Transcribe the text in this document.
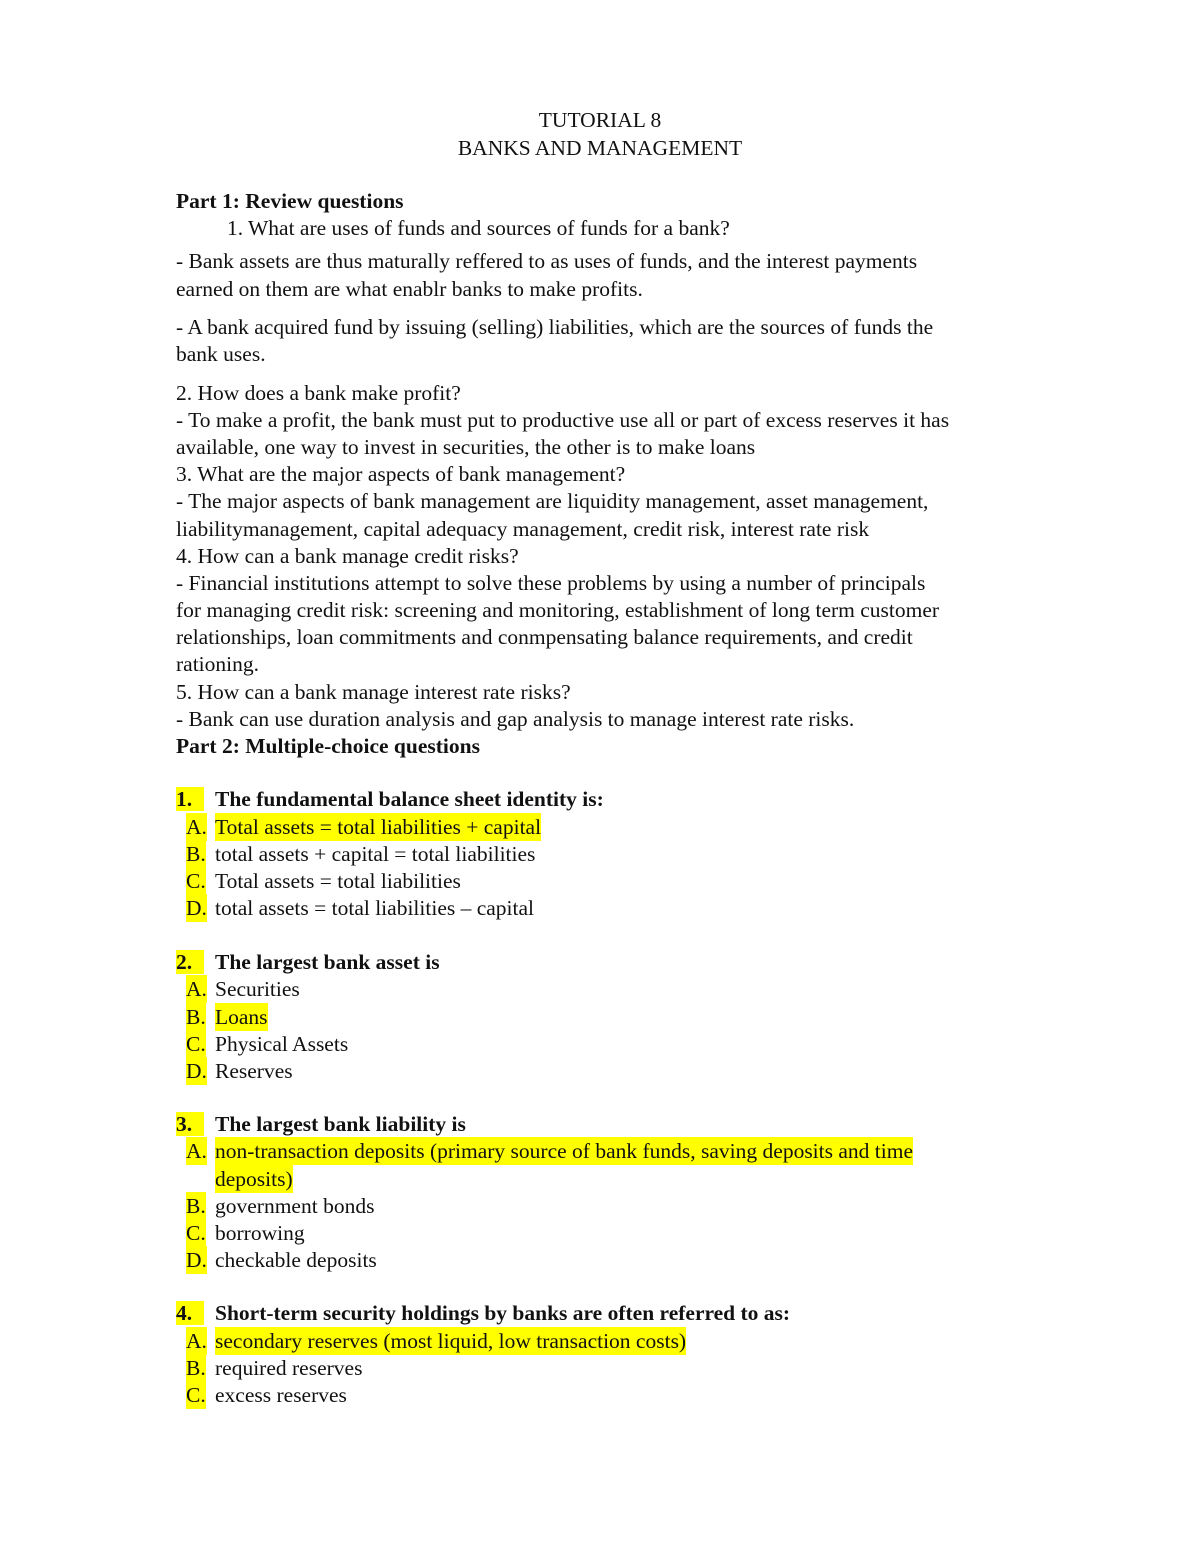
TUTORIAL 8
BANKS AND MANAGEMENT
Part 1: Review questions
1. What are uses of funds and sources of funds for a bank?
- Bank assets are thus maturally reffered to as uses of funds, and the interest payments
earned on them are what enablr banks to make profits.
- A bank acquired fund by issuing (selling) liabilities, which are the sources of funds the
bank uses.
2. How does a bank make profit?
- To make a profit, the bank must put to productive use all or part of excess reserves it has
available, one way to invest in securities, the other is to make loans
3. What are the major aspects of bank management?
- The major aspects of bank management are liquidity management, asset management,
liabilitymanagement, capital adequacy management, credit risk, interest rate risk
4. How can a bank manage credit risks?
- Financial institutions attempt to solve these problems by using a number of principals
for managing credit risk: screening and monitoring, establishment of long term customer
relationships, loan commitments and conmpensating balance requirements, and credit
rationing.
5. How can a bank manage interest rate risks?
- Bank can use duration analysis and gap analysis to manage interest rate risks.
Part 2: Multiple-choice questions
1. The fundamental balance sheet identity is:
A. Total assets = total liabilities + capital
B. total assets + capital = total liabilities
C. Total assets = total liabilities
D. total assets = total liabilities – capital
2. The largest bank asset is
A. Securities
B. Loans
C. Physical Assets
D. Reserves
3. The largest bank liability is
A. non-transaction deposits (primary source of bank funds, saving deposits and time
deposits)
B. government bonds
C. borrowing
D. checkable deposits
4. Short-term security holdings by banks are often referred to as:
A. secondary reserves (most liquid, low transaction costs)
B. required reserves
C. excess reserves
